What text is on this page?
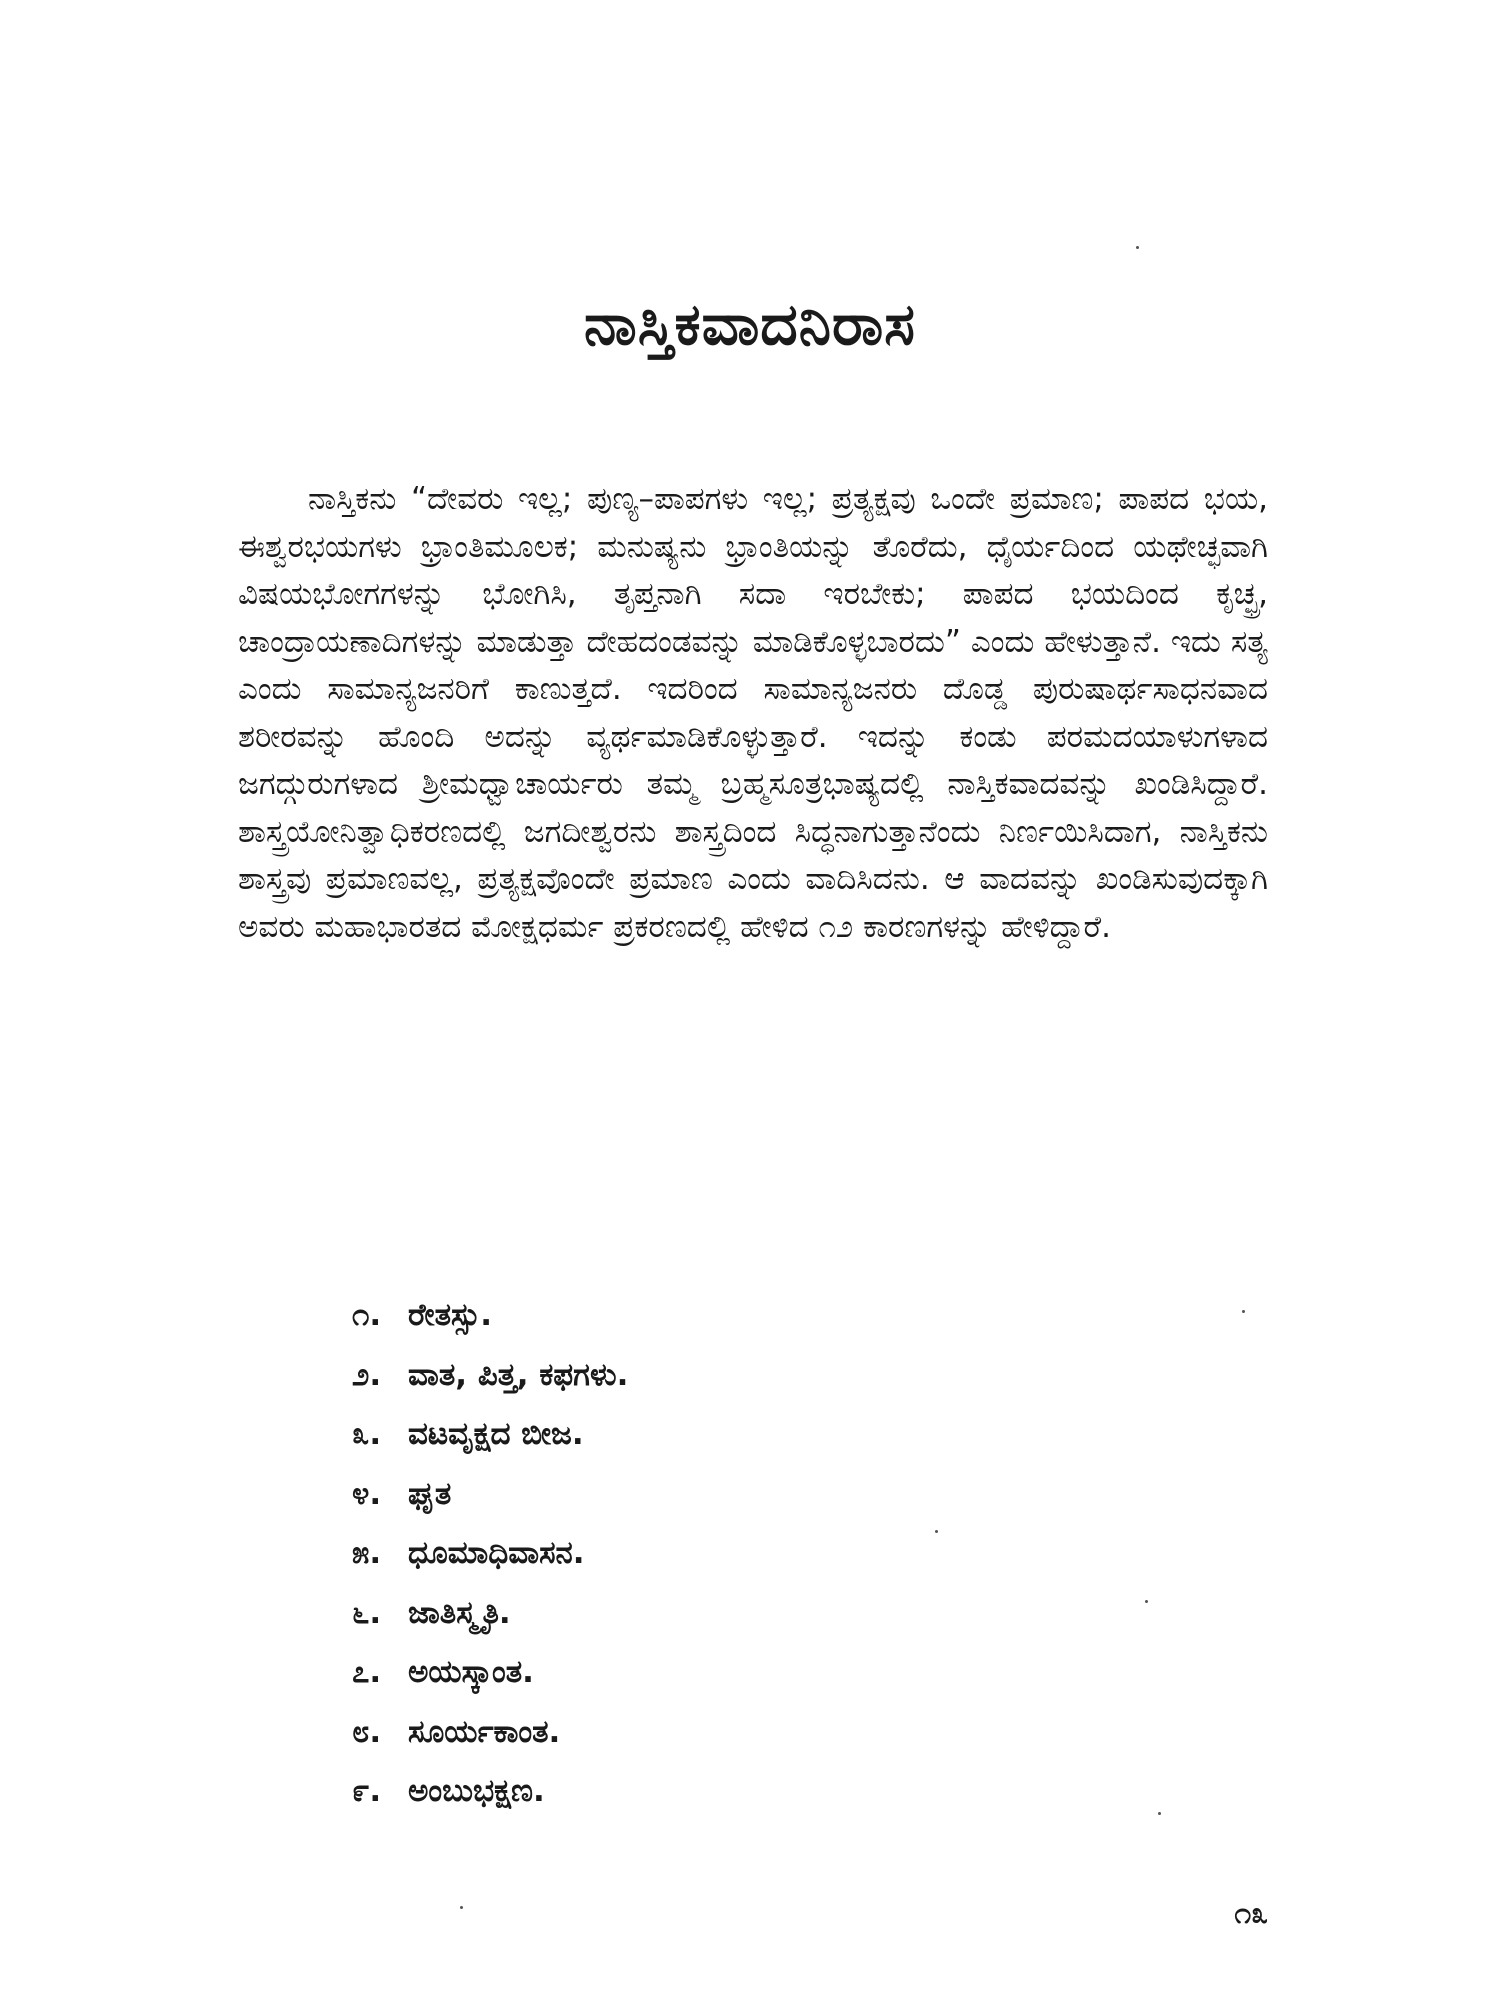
ನಾಸ್ತಿಕವಾದನಿರಾಸ

ನಾಸ್ತಿಕನು “ದೇವರು ಇಲ್ಲ; ಪುಣ್ಯ–ಪಾಪಗಳು ಇಲ್ಲ; ಪ್ರತ್ಯಕ್ಷವು ಒಂದೇ ಪ್ರಮಾಣ; ಪಾಪದ ಭಯ, ಈಶ್ವರಭಯಗಳು ಭ್ರಾಂತಿಮೂಲಕ; ಮನುಷ್ಯನು ಭ್ರಾಂತಿಯನ್ನು ತೊರೆದು, ಧೈರ್ಯದಿಂದ ಯಥೇಚ್ಛವಾಗಿ ವಿಷಯಭೋಗಗಳನ್ನು ಭೋಗಿಸಿ, ತೃಪ್ತನಾಗಿ ಸದಾ ಇರಬೇಕು; ಪಾಪದ ಭಯದಿಂದ ಕೃಚ್ಛ್ರ, ಚಾಂದ್ರಾಯಣಾದಿಗಳನ್ನು ಮಾಡುತ್ತಾ ದೇಹದಂಡವನ್ನು ಮಾಡಿಕೊಳ್ಳಬಾರದು” ಎಂದು ಹೇಳುತ್ತಾನೆ. ಇದು ಸತ್ಯ ಎಂದು ಸಾಮಾನ್ಯಜನರಿಗೆ ಕಾಣುತ್ತದೆ. ಇದರಿಂದ ಸಾಮಾನ್ಯಜನರು ದೊಡ್ಡ ಪುರುಷಾರ್ಥಸಾಧನವಾದ ಶರೀರವನ್ನು ಹೊಂದಿ ಅದನ್ನು ವ್ಯರ್ಥಮಾಡಿಕೊಳ್ಳುತ್ತಾರೆ. ಇದನ್ನು ಕಂಡು ಪರಮದಯಾಳುಗಳಾದ ಜಗದ್ಗುರುಗಳಾದ ಶ್ರೀಮಧ್ವಾಚಾರ್ಯರು ತಮ್ಮ ಬ್ರಹ್ಮಸೂತ್ರಭಾಷ್ಯದಲ್ಲಿ ನಾಸ್ತಿಕವಾದವನ್ನು ಖಂಡಿಸಿದ್ದಾರೆ. ಶಾಸ್ತ್ರಯೋನಿತ್ವಾಧಿಕರಣದಲ್ಲಿ ಜಗದೀಶ್ವರನು ಶಾಸ್ತ್ರದಿಂದ ಸಿದ್ಧನಾಗುತ್ತಾನೆಂದು ನಿರ್ಣಯಿಸಿದಾಗ, ನಾಸ್ತಿಕನು ಶಾಸ್ತ್ರವು ಪ್ರಮಾಣವಲ್ಲ, ಪ್ರತ್ಯಕ್ಷವೊಂದೇ ಪ್ರಮಾಣ ಎಂದು ವಾದಿಸಿದನು. ಆ ವಾದವನ್ನು ಖಂಡಿಸುವುದಕ್ಕಾಗಿ ಅವರು ಮಹಾಭಾರತದ ಮೋಕ್ಷಧರ್ಮ ಪ್ರಕರಣದಲ್ಲಿ ಹೇಳಿದ ೧೨ ಕಾರಣಗಳನ್ನು ಹೇಳಿದ್ದಾರೆ.

೧. ರೇತಸ್ಸು.
೨. ವಾತ, ಪಿತ್ತ, ಕಫಗಳು.
೩. ವಟವೃಕ್ಷದ ಬೀಜ.
೪. ಘೃತ
೫. ಧೂಮಾಧಿವಾಸನ.
೬. ಜಾತಿಸ್ಮೃತಿ.
೭. ಅಯಸ್ಕಾಂತ.
೮. ಸೂರ್ಯಕಾಂತ.
೯. ಅಂಬುಭಕ್ಷಣ.
೧೩
